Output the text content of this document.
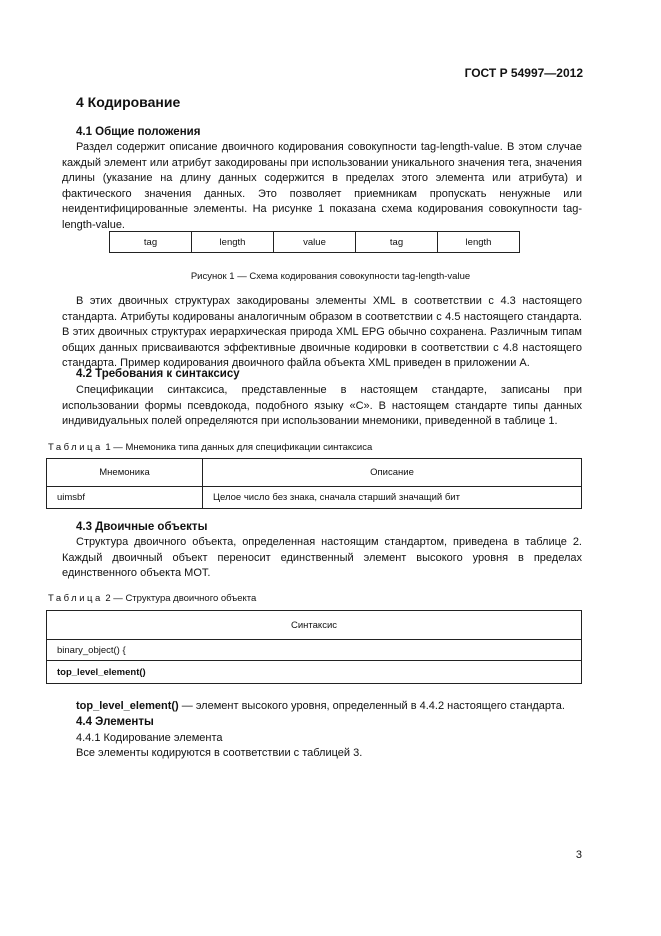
ГОСТ Р 54997—2012
4 Кодирование
4.1 Общие положения
Раздел содержит описание двоичного кодирования совокупности tag-length-value. В этом случае каждый элемент или атрибут закодированы при использовании уникального значения тега, значения длины (указание на длину данных содержится в пределах этого элемента или атрибута) и фактического значения данных. Это позволяет приемникам пропускать ненужные или неидентифицированные элементы. На рисунке 1 показана схема кодирования совокупности tag-length-value.
tag	length	value	tag	length
Рисунок 1 — Схема кодирования совокупности tag-length-value
В этих двоичных структурах закодированы элементы XML в соответствии с 4.3 настоящего стандарта. Атрибуты кодированы аналогичным образом в соответствии с 4.5 настоящего стандарта. В этих двоичных структурах иерархическая природа XML EPG обычно сохранена. Различным типам общих данных присваиваются эффективные двоичные кодировки в соответствии с 4.8 настоящего стандарта. Пример кодирования двоичного файла объекта XML приведен в приложении А.
4.2 Требования к синтаксису
Спецификации синтаксиса, представленные в настоящем стандарте, записаны при использовании формы псевдокода, подобного языку «С». В настоящем стандарте типы данных индивидуальных полей определяются при использовании мнемоники, приведенной в таблице 1.
Таблица 1 — Мнемоника типа данных для спецификации синтаксиса
Мнемоника	Описание
uimsbf	Целое число без знака, сначала старший значащий бит
4.3 Двоичные объекты
Структура двоичного объекта, определенная настоящим стандартом, приведена в таблице 2. Каждый двоичный объект переносит единственный элемент высокого уровня в пределах единственного объекта МОТ.
Таблица 2 — Структура двоичного объекта
Синтаксис
binary_object() {
top_level_element()
top_level_element() — элемент высокого уровня, определенный в 4.4.2 настоящего стандарта.
4.4 Элементы
4.4.1 Кодирование элемента
Все элементы кодируются в соответствии с таблицей 3.
3
